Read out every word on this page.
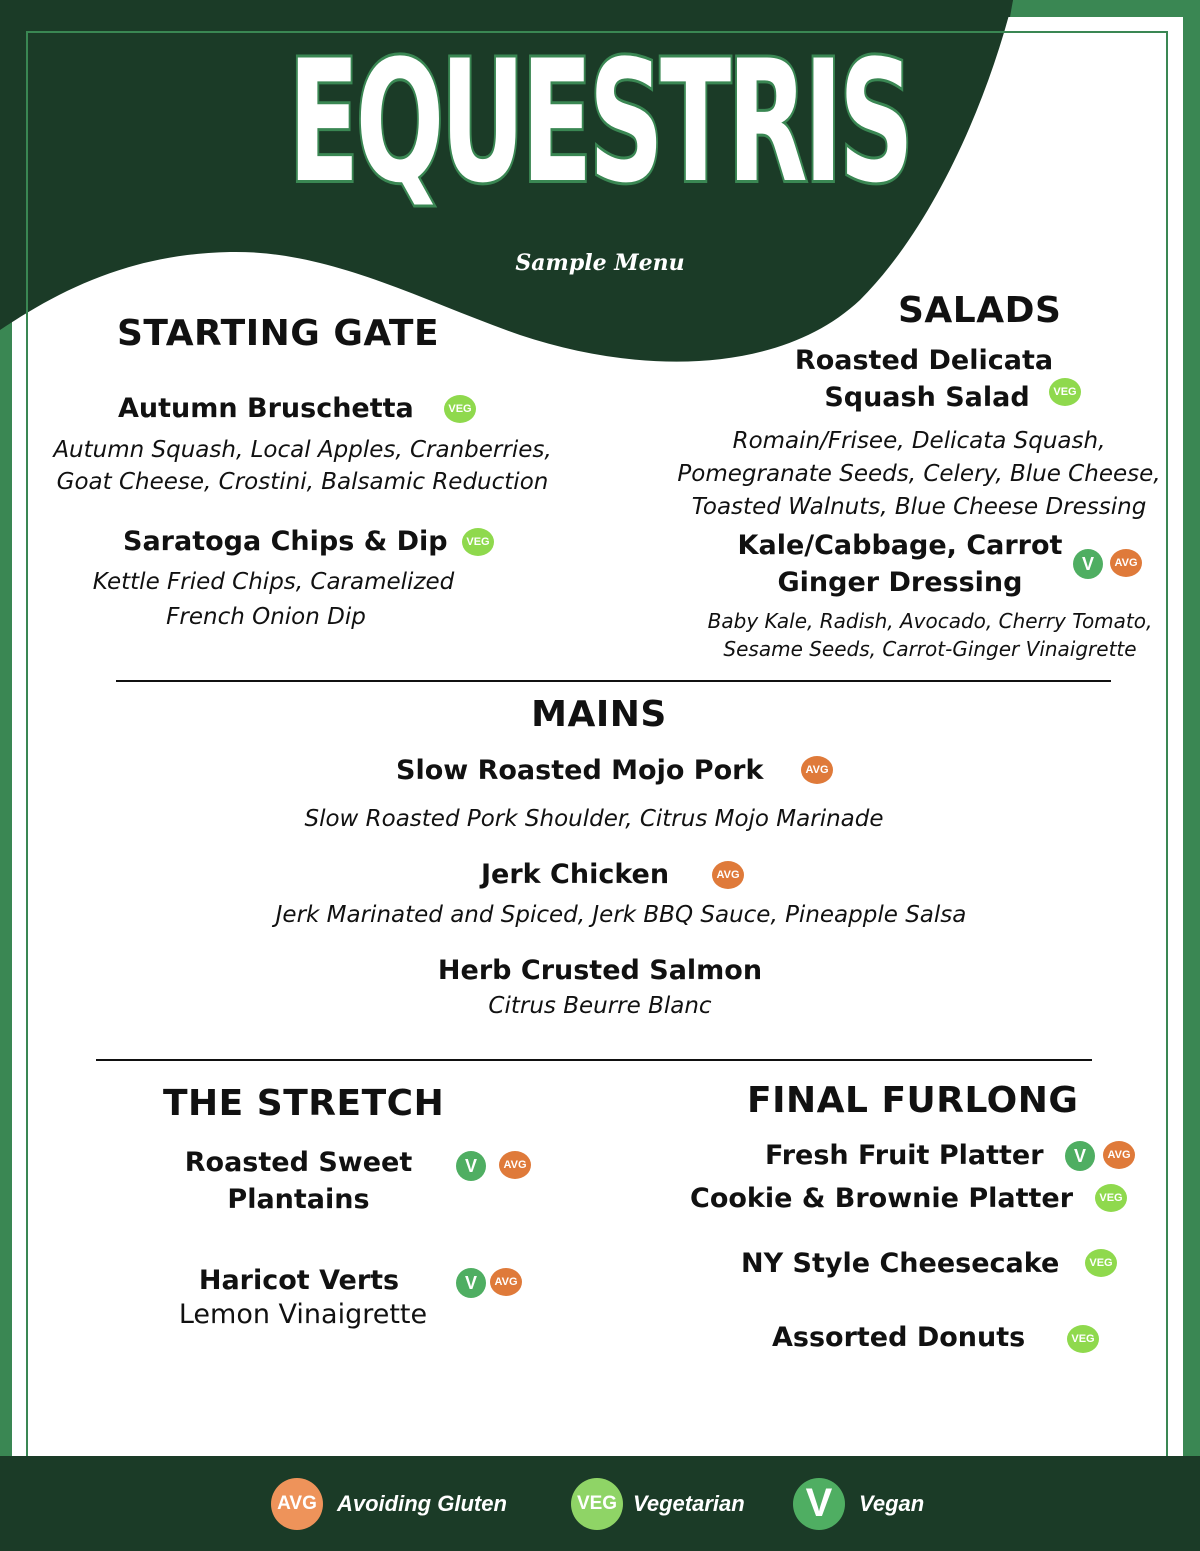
EQUESTRIS
Sample Menu
STARTING GATE
Autumn Bruschetta	VEG
Autumn Squash, Local Apples, Cranberries,
Goat Cheese, Crostini, Balsamic Reduction
Saratoga Chips & Dip	VEG
Kettle Fried Chips, Caramelized
French Onion Dip
SALADS
Roasted Delicata
Squash Salad	VEG
Romain/Frisee, Delicata Squash,
Pomegranate Seeds, Celery, Blue Cheese,
Toasted Walnuts, Blue Cheese Dressing
Kale/Cabbage, Carrot
Ginger Dressing
V	AVG
Baby Kale, Radish, Avocado, Cherry Tomato,
Sesame Seeds, Carrot-Ginger Vinaigrette
MAINS
Slow Roasted Mojo Pork	AVG
Slow Roasted Pork Shoulder, Citrus Mojo Marinade
Jerk Chicken	AVG
Jerk Marinated and Spiced, Jerk BBQ Sauce, Pineapple Salsa
Herb Crusted Salmon
Citrus Beurre Blanc
THE STRETCH
Roasted Sweet
Plantains
V	AVG
Haricot Verts	V	AVG
Lemon Vinaigrette
FINAL FURLONG
Fresh Fruit Platter	V	AVG
Cookie & Brownie Platter	VEG
NY Style Cheesecake	VEG
Assorted Donuts	VEG
AVG Avoiding Gluten	VEG Vegetarian	V	Vegan
